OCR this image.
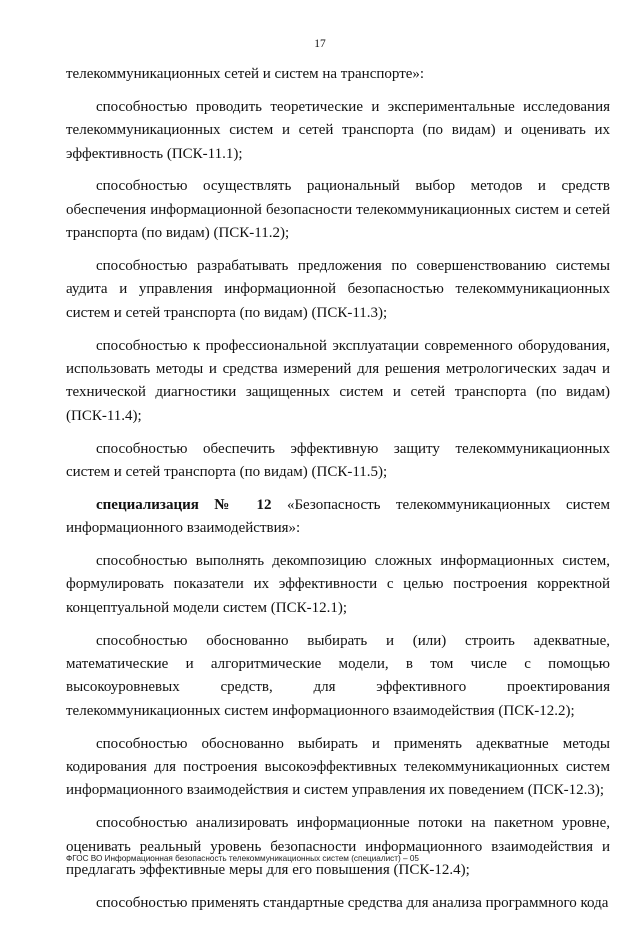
17

телекоммуникационных сетей и систем на транспорте»:

способностью проводить теоретические и экспериментальные исследования телекоммуникационных систем и сетей транспорта (по видам) и оценивать их эффективность (ПСК-11.1);

способностью осуществлять рациональный выбор методов и средств обеспечения информационной безопасности телекоммуникационных систем и сетей транспорта (по видам) (ПСК-11.2);

способностью разрабатывать предложения по совершенствованию системы аудита и управления информационной безопасностью телекоммуникационных систем и сетей транспорта (по видам) (ПСК-11.3);

способностью к профессиональной эксплуатации современного оборудования, использовать методы и средства измерений для решения метрологических задач и технической диагностики защищенных систем и сетей транспорта (по видам) (ПСК-11.4);

способностью обеспечить эффективную защиту телекоммуникационных систем и сетей транспорта (по видам) (ПСК-11.5);

специализация № 12 «Безопасность телекоммуникационных систем информационного взаимодействия»:

способностью выполнять декомпозицию сложных информационных систем, формулировать показатели их эффективности с целью построения корректной концептуальной модели систем (ПСК-12.1);

способностью обоснованно выбирать и (или) строить адекватные, математические и алгоритмические модели, в том числе с помощью высокоуровневых средств, для эффективного проектирования телекоммуникационных систем информационного взаимодействия (ПСК-12.2);

способностью обоснованно выбирать и применять адекватные методы кодирования для построения высокоэффективных телекоммуникационных систем информационного взаимодействия и систем управления их поведением (ПСК-12.3);

способностью анализировать информационные потоки на пакетном уровне, оценивать реальный уровень безопасности информационного взаимодействия и предлагать эффективные меры для его повышения (ПСК-12.4);

способностью применять стандартные средства для анализа программного кода

ФГОС ВО Информационная безопасность телекоммуникационных систем (специалист) – 05
